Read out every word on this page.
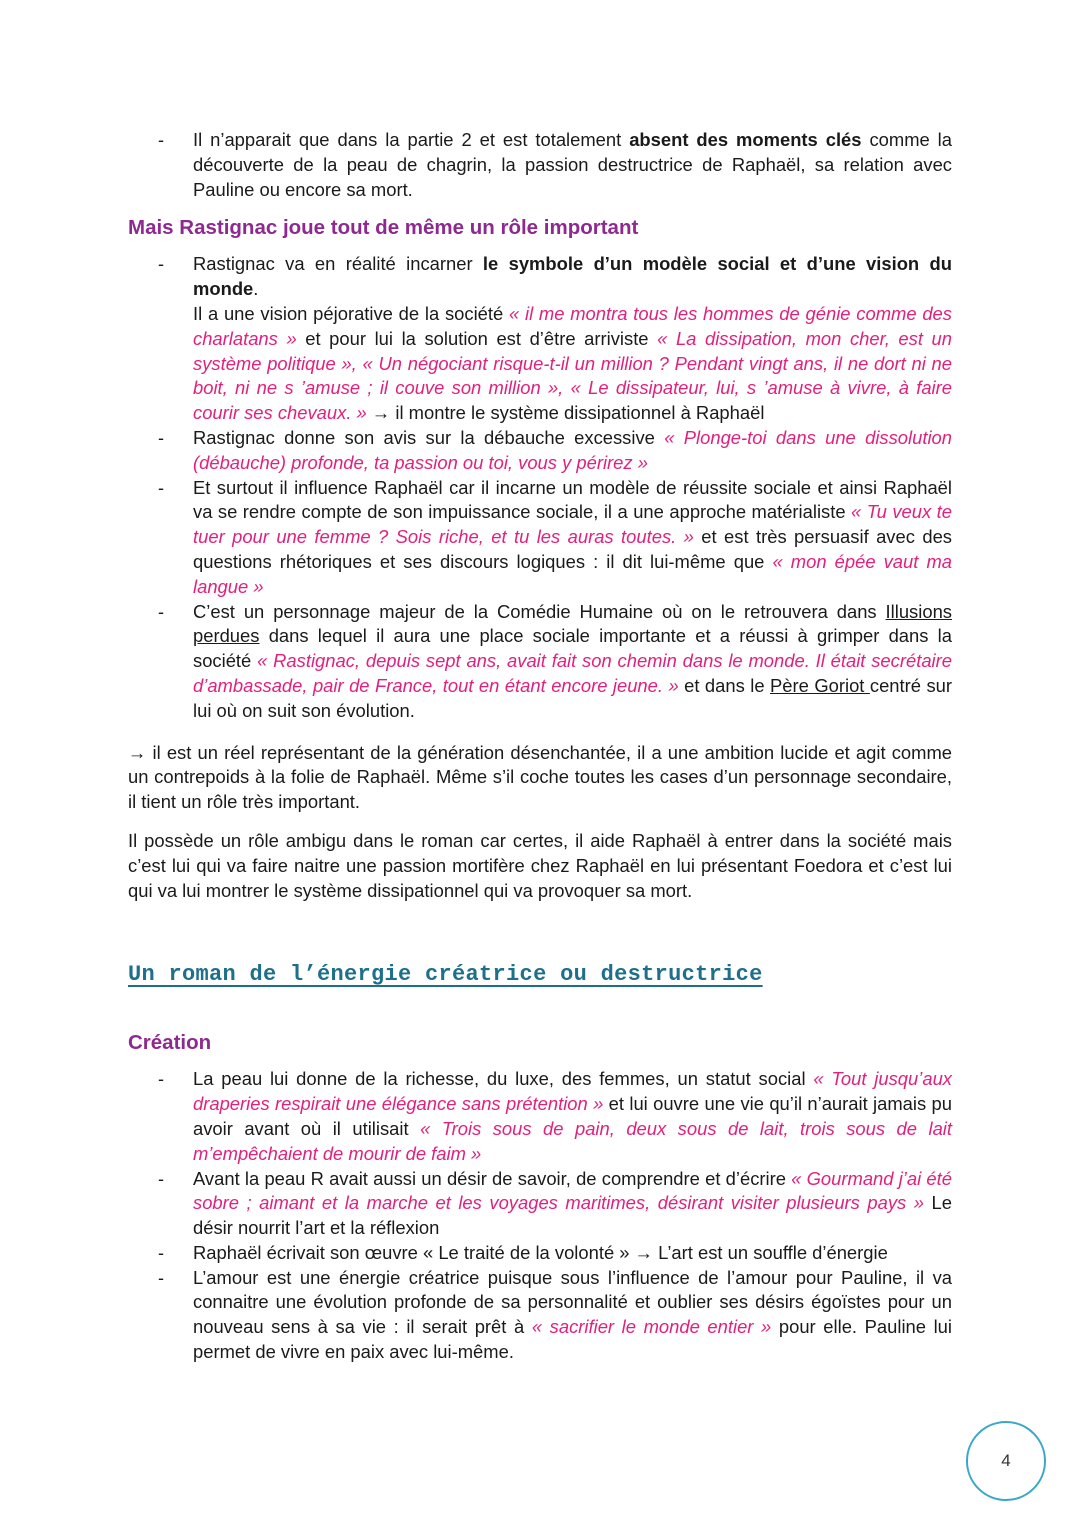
- Il n’apparait que dans la partie 2 et est totalement absent des moments clés comme la découverte de la peau de chagrin, la passion destructrice de Raphaël, sa relation avec Pauline ou encore sa mort.
Mais Rastignac joue tout de même un rôle important
- Rastignac va en réalité incarner le symbole d’un modèle social et d’une vision du monde.
Il a une vision péjorative de la société « il me montra tous les hommes de génie comme des charlatans » et pour lui la solution est d’être arriviste « La dissipation, mon cher, est un système politique », « Un négociant risque-t-il un million ? Pendant vingt ans, il ne dort ni ne boit, ni ne s ’amuse ; il couve son million », « Le dissipateur, lui, s ’amuse à vivre, à faire courir ses chevaux. » → il montre le système dissipationnel à Raphaël
- Rastignac donne son avis sur la débauche excessive « Plonge-toi dans une dissolution (débauche) profonde, ta passion ou toi, vous y périrez »
- Et surtout il influence Raphaël car il incarne un modèle de réussite sociale et ainsi Raphaël va se rendre compte de son impuissance sociale, il a une approche matérialiste « Tu veux te tuer pour une femme ? Sois riche, et tu les auras toutes. » et est très persuasif avec des questions rhétoriques et ses discours logiques : il dit lui-même que « mon épée vaut ma langue »
- C’est un personnage majeur de la Comédie Humaine où on le retrouvera dans Illusions perdues dans lequel il aura une place sociale importante et a réussi à grimper dans la société « Rastignac, depuis sept ans, avait fait son chemin dans le monde. Il était secrétaire d’ambassade, pair de France, tout en étant encore jeune. » et dans le Père Goriot centré sur lui où on suit son évolution.

→ il est un réel représentant de la génération désenchantée, il a une ambition lucide et agit comme un contrepoids à la folie de Raphaël. Même s’il coche toutes les cases d’un personnage secondaire, il tient un rôle très important.

Il possède un rôle ambigu dans le roman car certes, il aide Raphaël à entrer dans la société mais c’est lui qui va faire naitre une passion mortifère chez Raphaël en lui présentant Foedora et c’est lui qui va lui montrer le système dissipationnel qui va provoquer sa mort.

Un roman de l’énergie créatrice ou destructrice
Création
- La peau lui donne de la richesse, du luxe, des femmes, un statut social « Tout jusqu’aux draperies respirait une élégance sans prétention » et lui ouvre une vie qu’il n’aurait jamais pu avoir avant où il utilisait « Trois sous de pain, deux sous de lait, trois sous de lait m’empêchaient de mourir de faim »
- Avant la peau R avait aussi un désir de savoir, de comprendre et d’écrire « Gourmand j’ai été sobre ; aimant et la marche et les voyages maritimes, désirant visiter plusieurs pays » Le désir nourrit l’art et la réflexion
- Raphaël écrivait son œuvre « Le traité de la volonté » → L’art est un souffle d’énergie
- L’amour est une énergie créatrice puisque sous l’influence de l’amour pour Pauline, il va connaitre une évolution profonde de sa personnalité et oublier ses désirs égoïstes pour un nouveau sens à sa vie : il serait prêt à « sacrifier le monde entier » pour elle. Pauline lui permet de vivre en paix avec lui-même.
4
